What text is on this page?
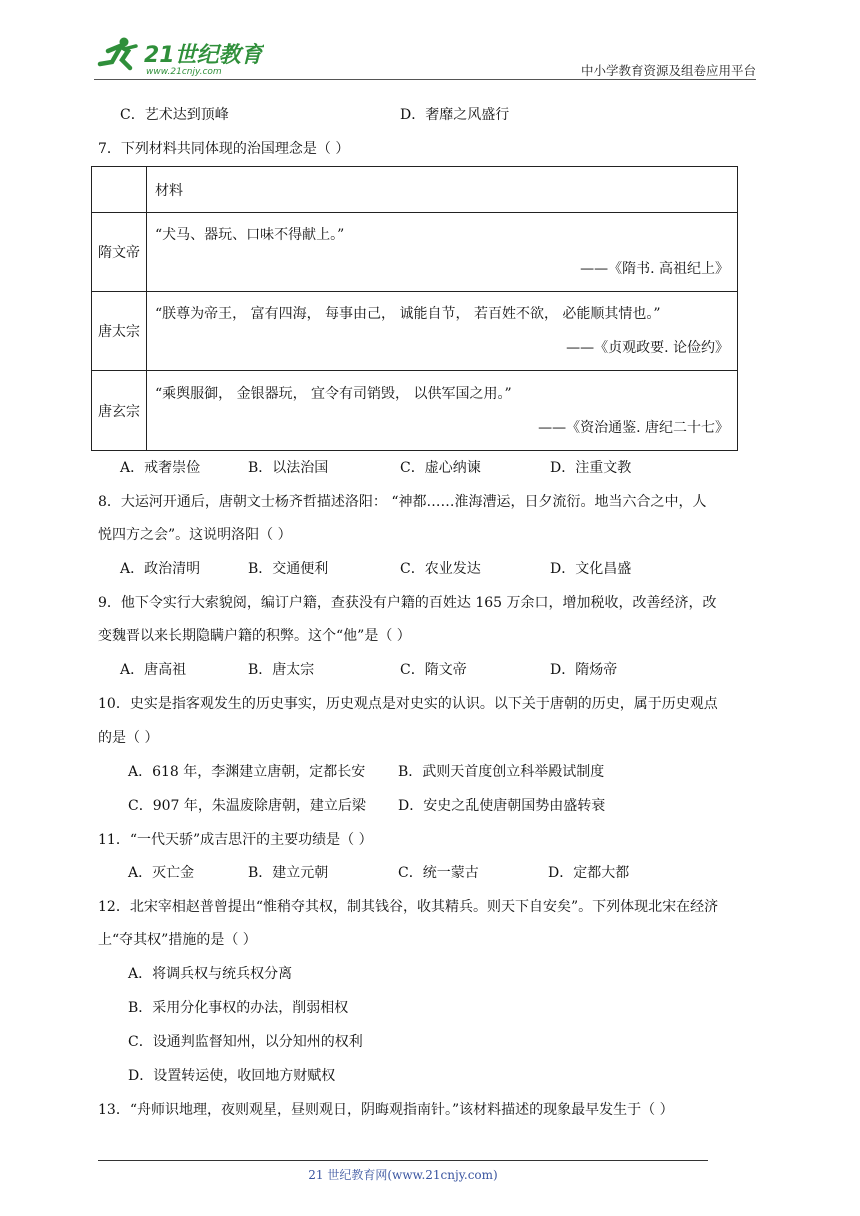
21世纪教育
www.21cnjy.com	中小学教育资源及组卷应用平台
C．艺术达到顶峰	D．奢靡之风盛行
7．下列材料共同体现的治国理念是（ ）
	材料
隋文帝	“犬马、器玩、口味不得献上。”
——《隋书. 高祖纪上》

唐太宗	“朕尊为帝王， 富有四海， 每事由己， 诚能自节， 若百姓不欲， 必能顺其情也。”
——《贞观政要. 论俭约》

唐玄宗	“乘舆服御， 金银器玩， 宜令有司销毁， 以供军国之用。”
——《资治通鉴. 唐纪二十七》
A．戒奢崇俭	B．以法治国	C．虚心纳谏	D．注重文教
8．大运河开通后，唐朝文士杨齐哲描述洛阳： “神都……淮海漕运，日夕流衍。地当六合之中，人
悦四方之会”。这说明洛阳（ ）
A．政治清明	B．交通便利	C．农业发达	D．文化昌盛
9．他下令实行大索貌阅，编订户籍，查获没有户籍的百姓达 165 万余口，增加税收，改善经济，改
变魏晋以来长期隐瞒户籍的积弊。这个“他”是（ ）
A．唐高祖	B．唐太宗	C．隋文帝	D．隋炀帝
10．史实是指客观发生的历史事实，历史观点是对史实的认识。以下关于唐朝的历史，属于历史观点
的是（ ）
A．618 年，李渊建立唐朝，定都长安 B．武则天首度创立科举殿试制度
C．907 年，朱温废除唐朝，建立后梁 D．安史之乱使唐朝国势由盛转衰
11．“一代天骄”成吉思汗的主要功绩是（ ）
A．灭亡金	B．建立元朝	C．统一蒙古	D．定都大都
12．北宋宰相赵普曾提出“惟稍夺其权，制其钱谷，收其精兵。则天下自安矣”。下列体现北宋在经济
上“夺其权”措施的是（ ）
A．将调兵权与统兵权分离
B．采用分化事权的办法，削弱相权
C．设通判监督知州，以分知州的权利
D．设置转运使，收回地方财赋权
13．“舟师识地理，夜则观星，昼则观日，阴晦观指南针。”该材料描述的现象最早发生于（ ）
21 世纪教育网(www.21cnjy.com)
